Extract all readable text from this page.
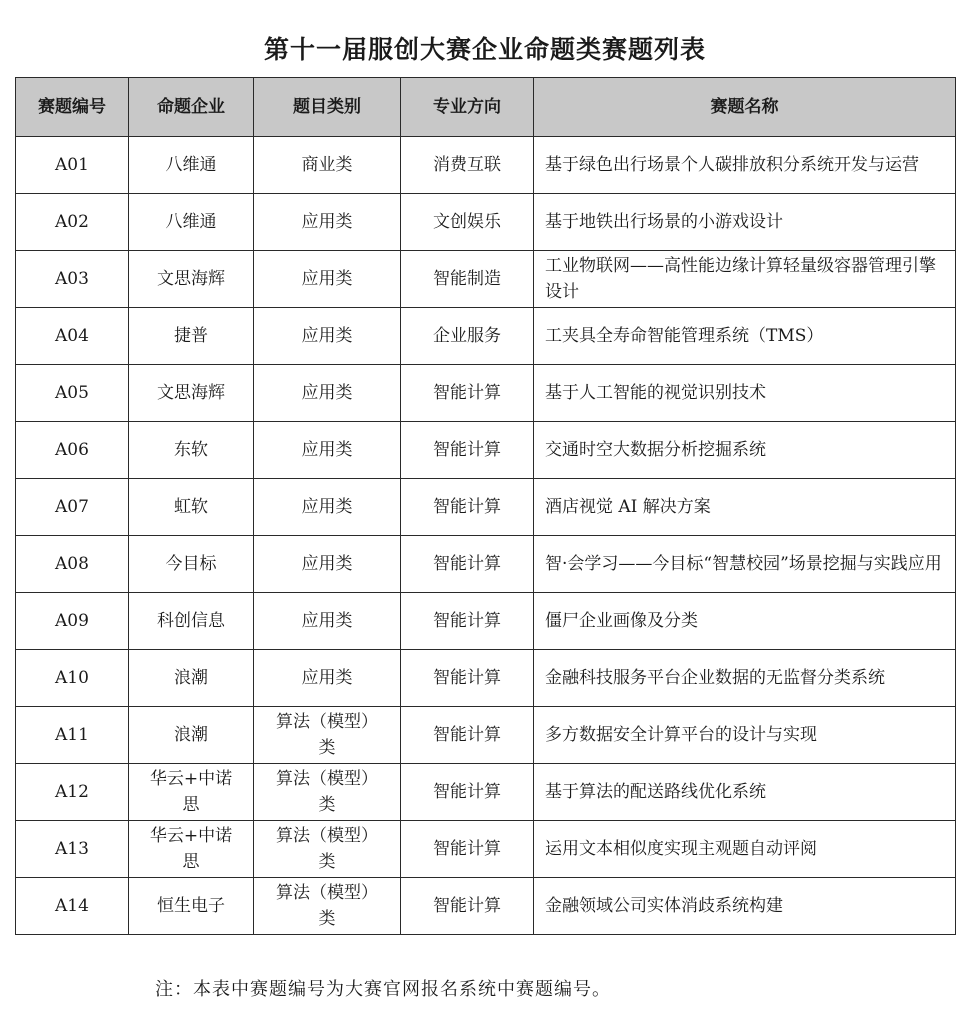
第十一届服创大赛企业命题类赛题列表
赛题编号	命题企业	题目类别	专业方向	赛题名称
A01	八维通	商业类	消费互联	基于绿色出行场景个人碳排放积分系统开发与运营
A02	八维通	应用类	文创娱乐	基于地铁出行场景的小游戏设计
A03	文思海辉	应用类	智能制造	工业物联网——高性能边缘计算轻量级容器管理引擎设计
A04	捷普	应用类	企业服务	工夹具全寿命智能管理系统（TMS）
A05	文思海辉	应用类	智能计算	基于人工智能的视觉识别技术
A06	东软	应用类	智能计算	交通时空大数据分析挖掘系统
A07	虹软	应用类	智能计算	酒店视觉 AI 解决方案
A08	今目标	应用类	智能计算	智·会学习——今目标“智慧校园”场景挖掘与实践应用
A09	科创信息	应用类	智能计算	僵尸企业画像及分类
A10	浪潮	应用类	智能计算	金融科技服务平台企业数据的无监督分类系统
A11	浪潮	算法（模型）类	智能计算	多方数据安全计算平台的设计与实现
A12	华云+中诺思	算法（模型）类	智能计算	基于算法的配送路线优化系统
A13	华云+中诺思	算法（模型）类	智能计算	运用文本相似度实现主观题自动评阅
A14	恒生电子	算法（模型）类	智能计算	金融领域公司实体消歧系统构建
注：本表中赛题编号为大赛官网报名系统中赛题编号。
